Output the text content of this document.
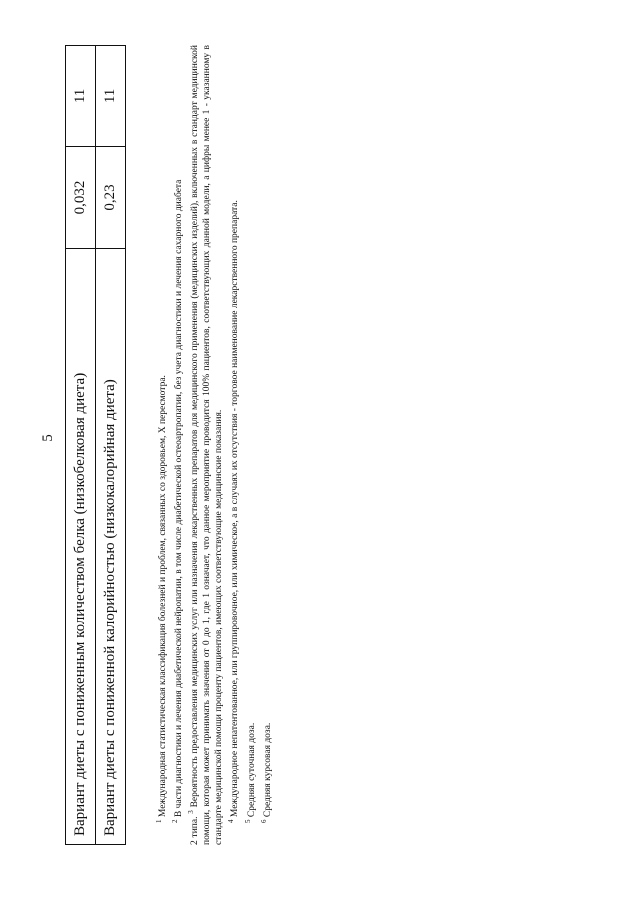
5 Вариант диеты с пониженным количеством белка (низкобелковая диета)	0,032	11
Вариант диеты с пониженной калорийностью (низкокалорийная диета)	0,23	11

$^1$ Международная статистическая классификация болезней и проблем, связанных со здоровьем, X пересмотра.

$^2$ В части диагностики и лечения диабетической нейропатии, в том числе диабетической остеоартропатии, без учета диагностики и лечения сахарного диабета

2 типа. $^3$ Вероятность предоставления медицинских услуг или назначения лекарственных препаратов для медицинского применения (медицинских изделий), включенных в стандарт медицинской помощи, которая может принимать значения от 0 до 1, где 1 означает, что данное мероприятие проводится 100% пациентов, соответствующих данной модели, а цифры менее 1 - указанному в стандарте медицинской помощи проценту пациентов, имеющих соответствующие медицинские показания. $^4$ Международное непатентованное, или группировочное, или химическое, а в случаях их отсутствия - торговое наименование лекарственного препарата.

$^5$ Средняя суточная доза.

$^6$ Средняя курсовая доза.
